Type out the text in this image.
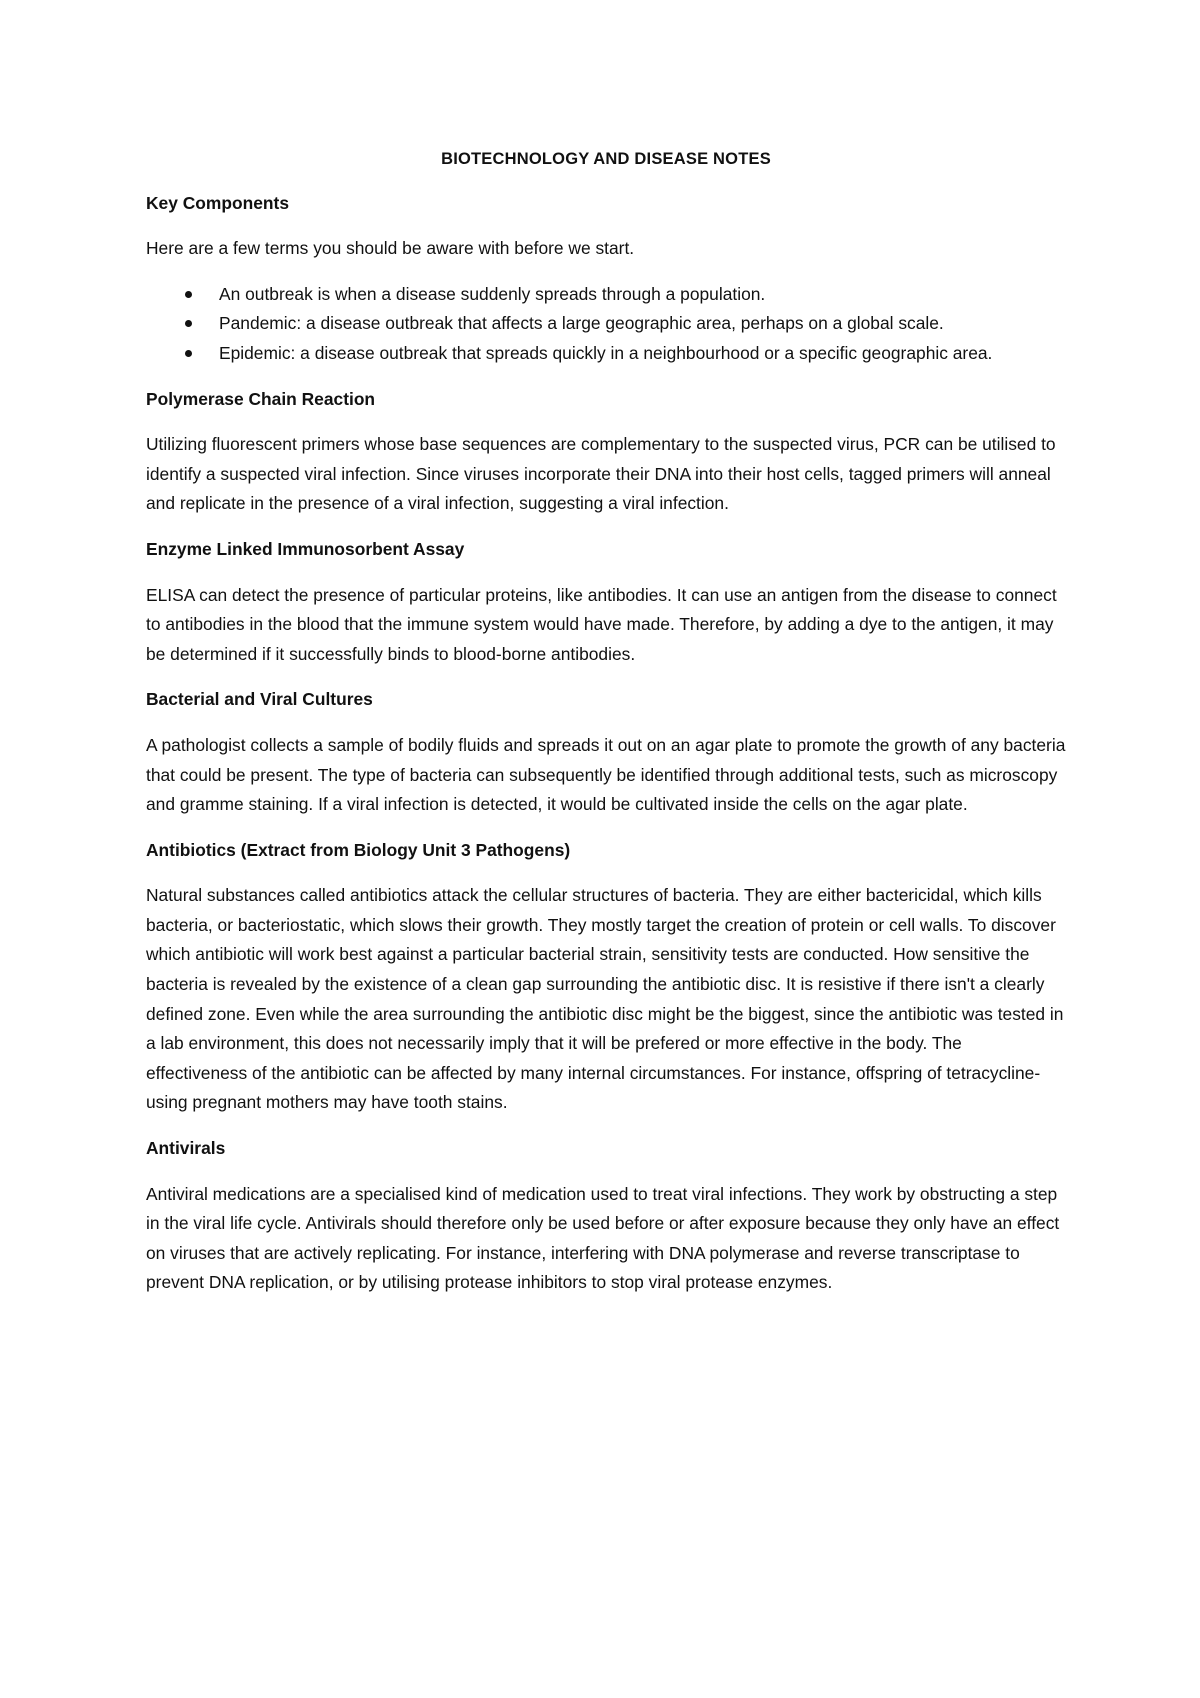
BIOTECHNOLOGY AND DISEASE NOTES
Key Components

Here are a few terms you should be aware with before we start.

An outbreak is when a disease suddenly spreads through a population.
Pandemic: a disease outbreak that affects a large geographic area, perhaps on a global scale.
Epidemic: a disease outbreak that spreads quickly in a neighbourhood or a specific geographic area.
Polymerase Chain Reaction

Utilizing fluorescent primers whose base sequences are complementary to the suspected virus, PCR can be utilised to identify a suspected viral infection. Since viruses incorporate their DNA into their host cells, tagged primers will anneal and replicate in the presence of a viral infection, suggesting a viral infection.

Enzyme Linked Immunosorbent Assay

ELISA can detect the presence of particular proteins, like antibodies. It can use an antigen from the disease to connect to antibodies in the blood that the immune system would have made. Therefore, by adding a dye to the antigen, it may be determined if it successfully binds to blood-borne antibodies.

Bacterial and Viral Cultures

A pathologist collects a sample of bodily fluids and spreads it out on an agar plate to promote the growth of any bacteria that could be present. The type of bacteria can subsequently be identified through additional tests, such as microscopy and gramme staining. If a viral infection is detected, it would be cultivated inside the cells on the agar plate.

Antibiotics (Extract from Biology Unit 3 Pathogens)

Natural substances called antibiotics attack the cellular structures of bacteria. They are either bactericidal, which kills bacteria, or bacteriostatic, which slows their growth. They mostly target the creation of protein or cell walls. To discover which antibiotic will work best against a particular bacterial strain, sensitivity tests are conducted. How sensitive the bacteria is revealed by the existence of a clean gap surrounding the antibiotic disc. It is resistive if there isn't a clearly defined zone. Even while the area surrounding the antibiotic disc might be the biggest, since the antibiotic was tested in a lab environment, this does not necessarily imply that it will be prefered or more effective in the body. The effectiveness of the antibiotic can be affected by many internal circumstances. For instance, offspring of tetracycline-using pregnant mothers may have tooth stains.

Antivirals

Antiviral medications are a specialised kind of medication used to treat viral infections. They work by obstructing a step in the viral life cycle. Antivirals should therefore only be used before or after exposure because they only have an effect on viruses that are actively replicating. For instance, interfering with DNA polymerase and reverse transcriptase to prevent DNA replication, or by utilising protease inhibitors to stop viral protease enzymes.
